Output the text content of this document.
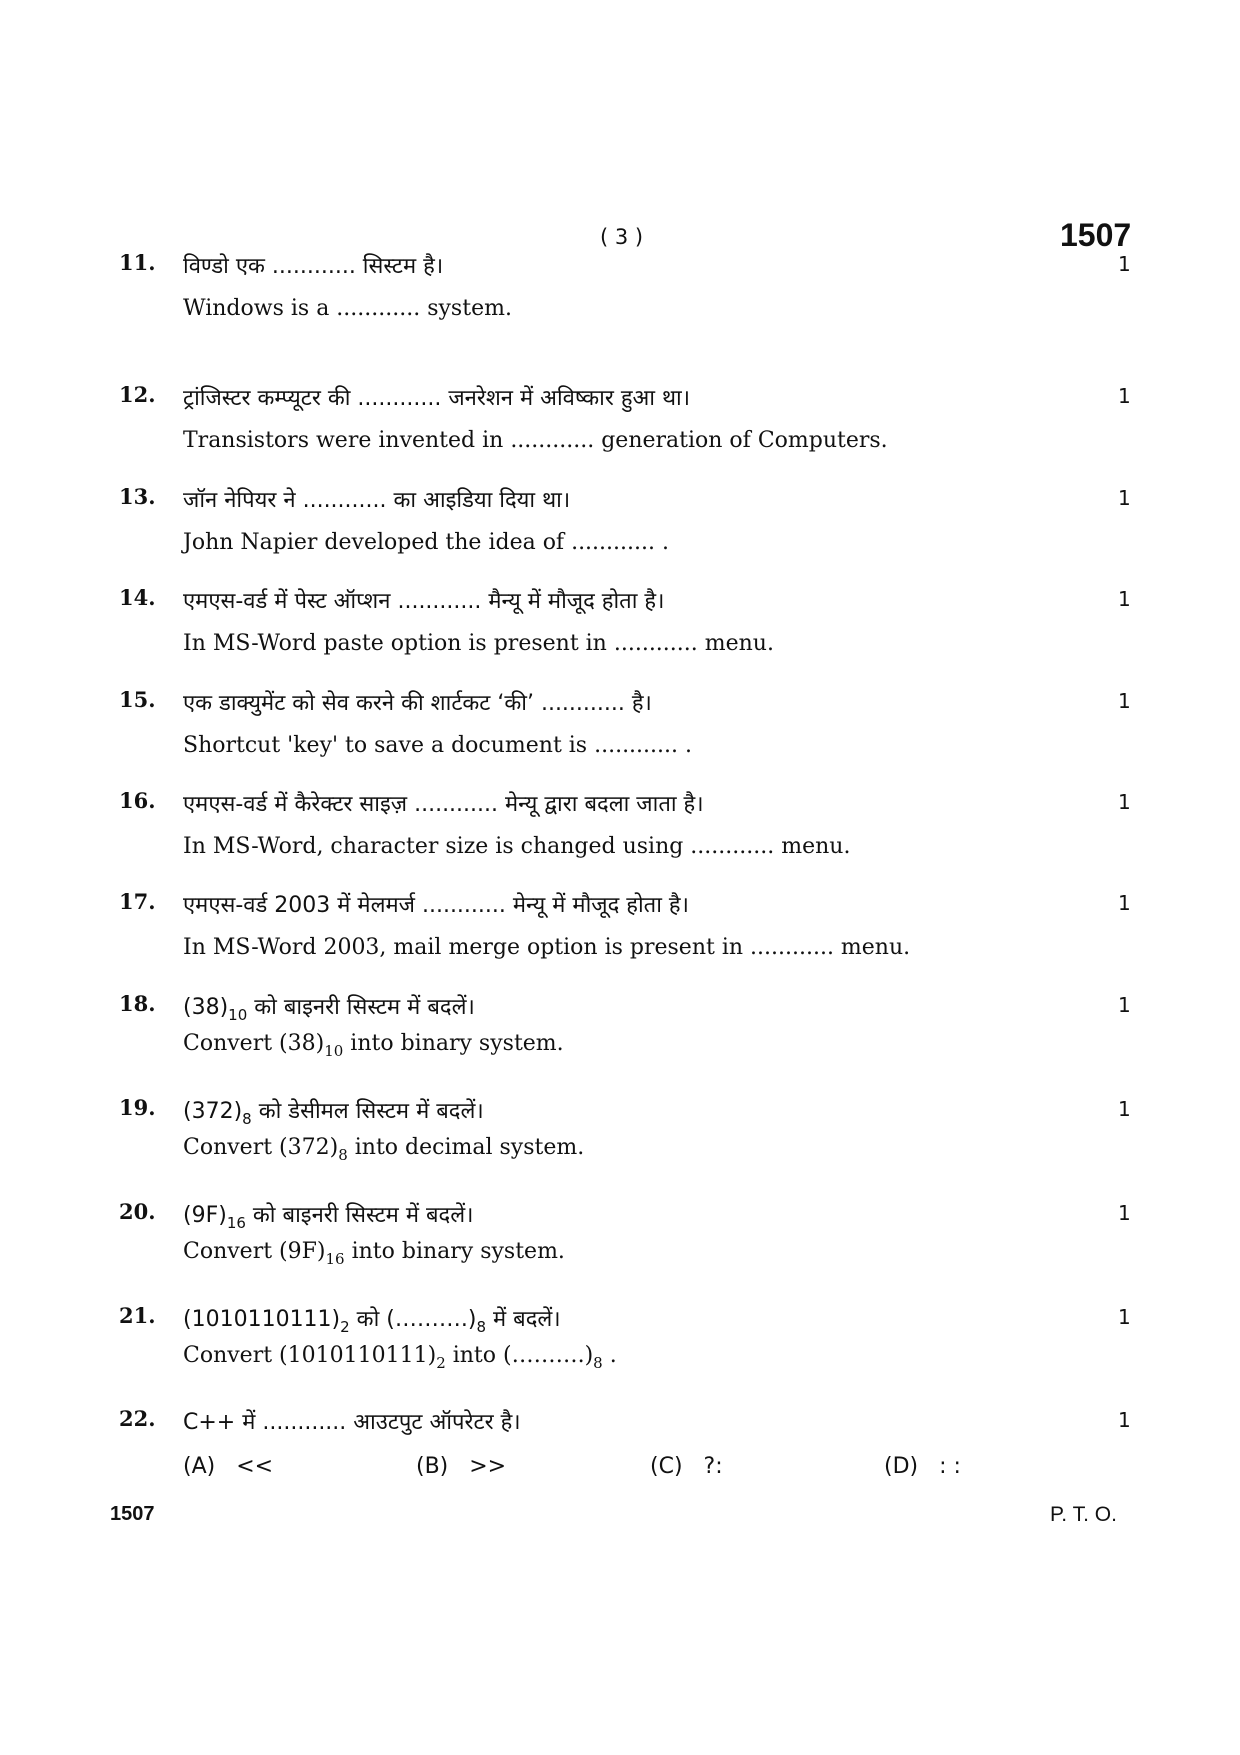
( 3 )	1507
11. विण्डो एक ............ सिस्टम है।
Windows is a ............ system.
1
12. ट्रांजिस्टर कम्प्यूटर की ............ जनरेशन में अविष्कार हुआ था।
Transistors were invented in ............ generation of Computers.
1
13. जॉन नेपियर ने ............ का आइडिया दिया था।
John Napier developed the idea of ............ .
1
14. एमएस-वर्ड में पेस्ट ऑप्शन ............ मैन्यू में मौजूद होता है।
In MS-Word paste option is present in ............ menu.
1
15. एक डाक्युमेंट को सेव करने की शार्टकट ‘की’ ............ है।
Shortcut 'key' to save a document is ............ .
1
16. एमएस-वर्ड में कैरेक्टर साइज़ ............ मेन्यू द्वारा बदला जाता है।
In MS-Word, character size is changed using ............ menu.
1
17. एमएस-वर्ड 2003 में मेलमर्ज ............ मेन्यू में मौजूद होता है।
In MS-Word 2003, mail merge option is present in ............ menu.
1
18. $(38)_{10}$ को बाइनरी सिस्टम में बदलें।
Convert $(38)_{10}$ into binary system.
1
19. $(372)_8$ को डेसीमल सिस्टम में बदलें।
Convert $(372)_8$ into decimal system.
1
20. $(9F)_{16}$ को बाइनरी सिस्टम में बदलें।
Convert $(9F)_{16}$ into binary system.
1
21. $(1010110111)_2$ को $(\dots\dots\dots.)_8$ में बदलें।
Convert $(1010110111)_2$ into $(\dots\dots\dots.)_8$ .
1
22. C++ में ............ आउटपुट ऑपरेटर है।	1
(A) <<	(B) >>	(C) ?:	(D) : :
1507	P. T. O.
